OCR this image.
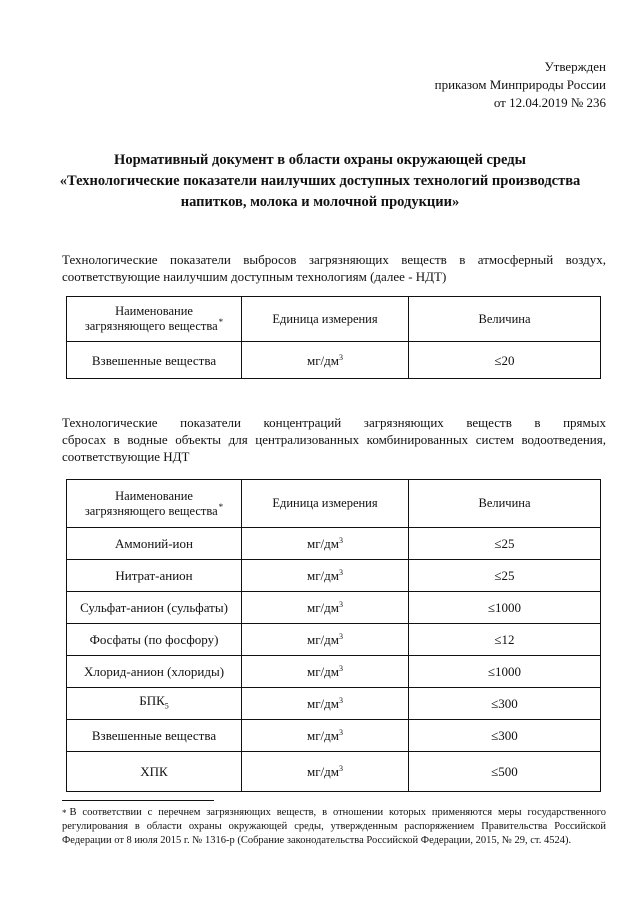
Утвержден
приказом Минприроды России
от 12.04.2019 № 236
Нормативный документ в области охраны окружающей среды
«Технологические показатели наилучших доступных технологий производства
напитков, молока и молочной продукции»
Технологические показатели выбросов загрязняющих веществ в атмосферный воздух,
соответствующие наилучшим доступным технологиям (далее - НДТ)
Наименование
загрязняющего вещества*	Единица измерения	Величина
Взвешенные вещества	$мг/дм^3$	≤20
Технологические показатели концентраций загрязняющих веществ в прямых
сбросах в водные объекты для централизованных комбинированных систем водоотведения,
соответствующие НДТ
Наименование
загрязняющего вещества*	Единица измерения	Величина
Аммоний-ион	$мг/дм^3$	≤25
Нитрат-анион	$мг/дм^3$	≤25
Сульфат-анион (сульфаты)	$мг/дм^3$	≤1000
Фосфаты (по фосфору)	$мг/дм^3$	≤12
Хлорид-анион (хлориды)	$мг/дм^3$	≤1000
$БПК_5$	$мг/дм^3$	≤300
Взвешенные вещества	$мг/дм^3$	≤300
ХПК	$мг/дм^3$	≤500
* В соответствии с перечнем загрязняющих веществ, в отношении которых применяются меры государственного регулирования в области охраны окружающей среды, утвержденным распоряжением Правительства Российской Федерации от 8 июля 2015 г. № 1316-р (Собрание законодательства Российской Федерации, 2015, № 29, ст. 4524).
